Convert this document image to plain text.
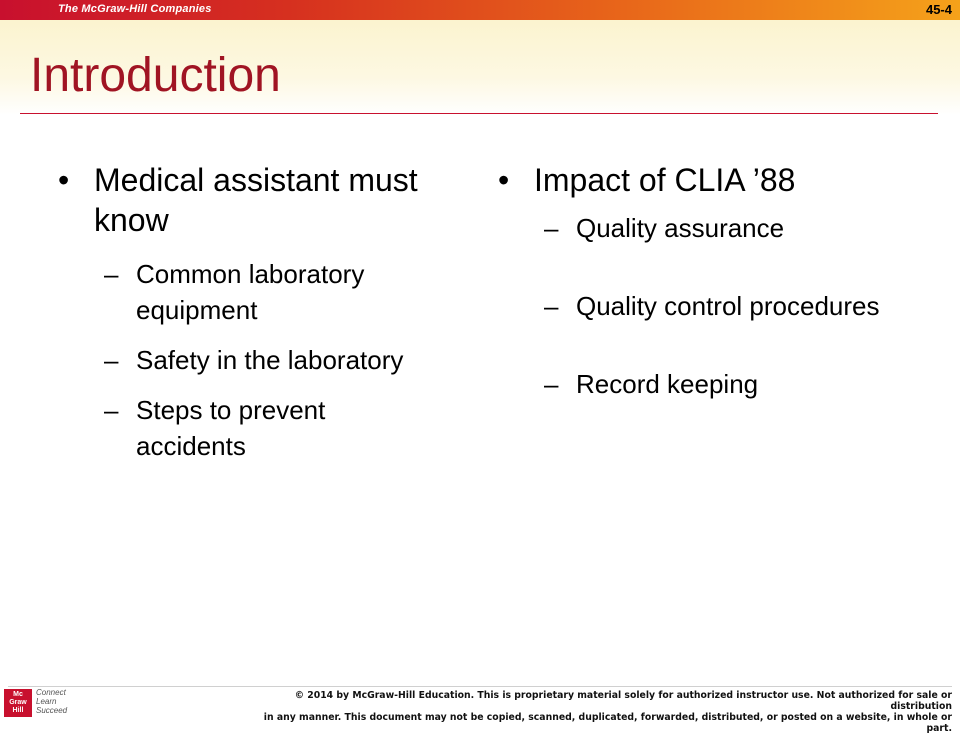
The McGraw-Hill Companies	45-4
Introduction
• Medical assistant must know
– Common laboratory equipment
– Safety in the laboratory
– Steps to prevent accidents
• Impact of CLIA ’88
– Quality assurance
– Quality control procedures
– Record keeping
Mc
Graw
Hill
Connect
Learn
Succeed
© 2014 by McGraw-Hill Education. This is proprietary material solely for authorized instructor use. Not authorized for sale or distribution
in any manner. This document may not be copied, scanned, duplicated, forwarded, distributed, or posted on a website, in whole or part.
